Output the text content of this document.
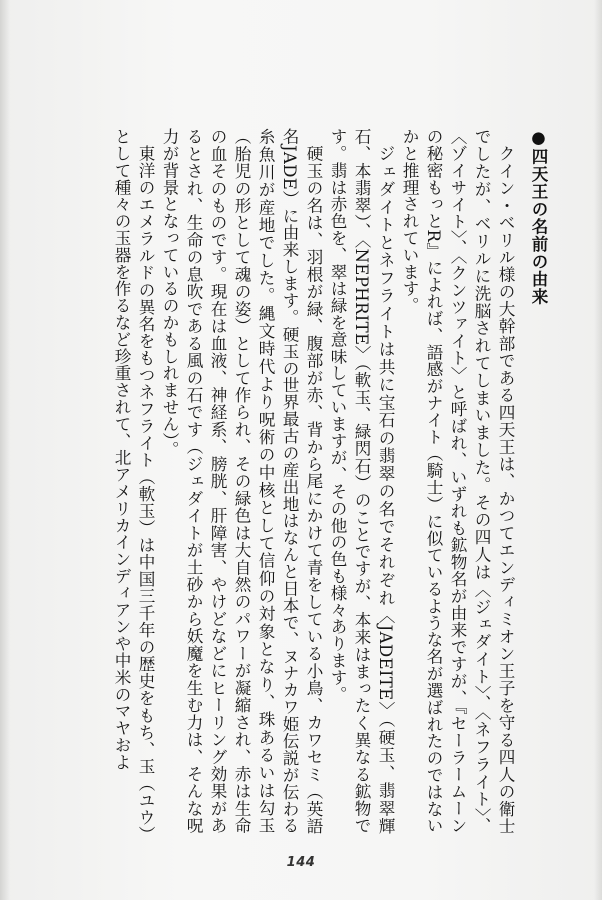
●四天王の名前の由来

クイン・ベリル様の大幹部である四天王は、かつてエンディミオン王子を守る四人の衛士でしたが、ベリルに洗脳されてしまいました。その四人は〈ジェダイト〉、〈ネフライト〉、〈ゾイサイト〉、〈クンツァイト〉と呼ばれ、いずれも鉱物名が由来ですが、『セーラームーンの秘密もっとR』によれば、語感がナイト（騎士）に似ているような名が選ばれたのではないかと推理されています。

ジェダイトとネフライトは共に宝石の翡翠の名でそれぞれ〈JADEITE〉（硬玉、翡翠輝石、本翡翠）、〈NEPHRITE〉（軟玉、緑閃石）のことですが、本来はまったく異なる鉱物です。翡は赤色を、翠は緑を意味していますが、その他の色も様々あります。

硬玉の名は、羽根が緑、腹部が赤、背から尾にかけて青をしている小鳥、カワセミ（英語名JADE）に由来します。硬玉の世界最古の産出地はなんと日本で、ヌナカワ姫伝説が伝わる糸魚川が産地でした。縄文時代より呪術の中核として信仰の対象となり、珠あるいは勾玉（胎児の形として魂の姿）として作られ、その緑色は大自然のパワーが凝縮され、赤は生命の血そのものです。現在は血液、神経系、膀胱、肝障害、やけどなどにヒーリング効果があるとされ、生命の息吹である風の石です（ジェダイトが土砂から妖魔を生む力は、そんな呪力が背景となっているのかもしれません）。

東洋のエメラルドの異名をもつネフライト（軟玉）は中国三千年の歴史をもち、玉（ユウ）として種々の玉器を作るなど珍重されて、北アメリカインディアンや中米のマヤおよ

144
